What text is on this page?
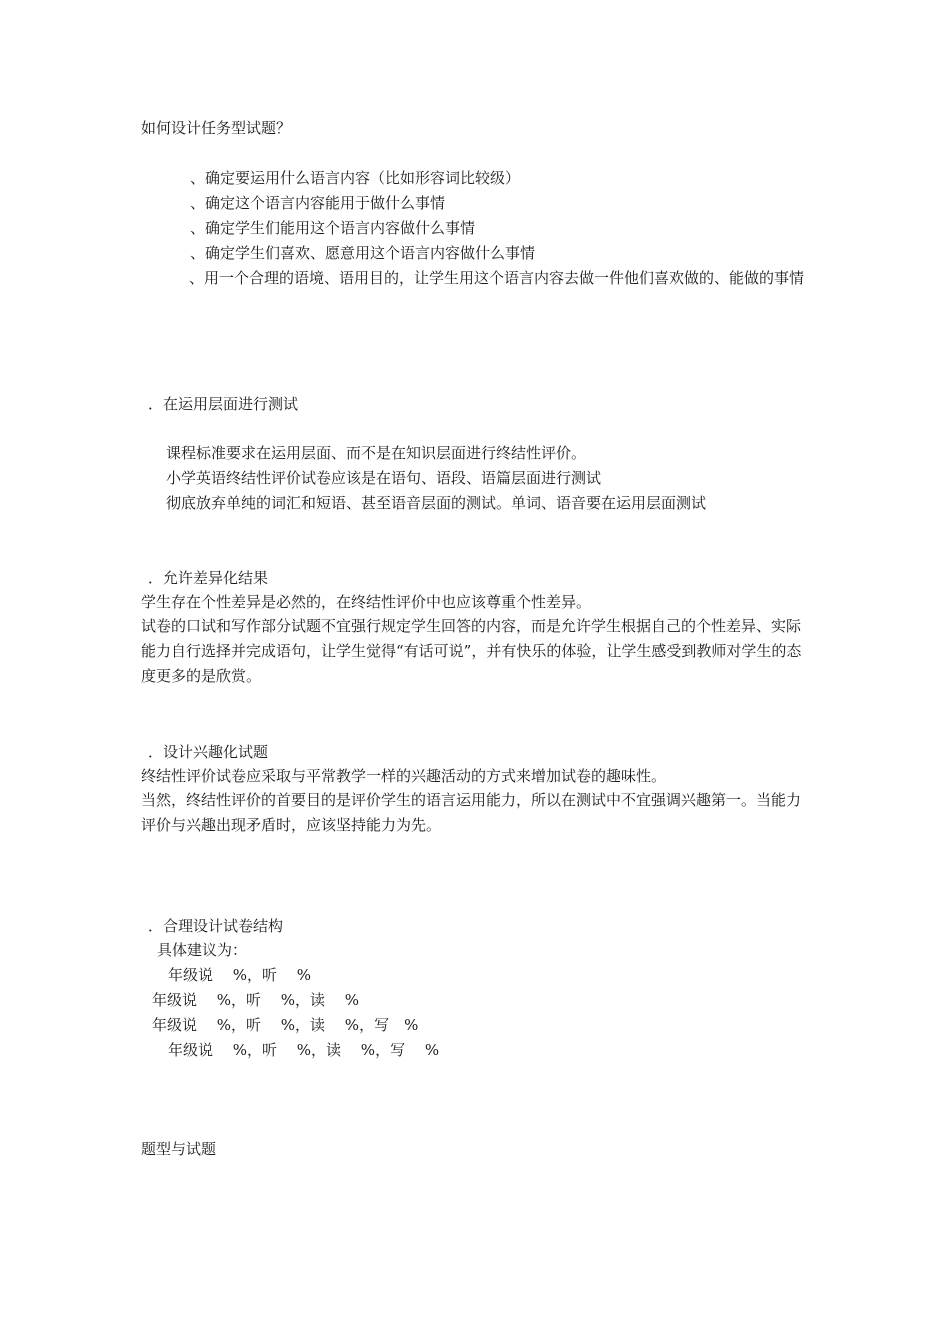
如何设计任务型试题？
、确定要运用什么语言内容（比如形容词比较级）
、确定这个语言内容能用于做什么事情
、确定学生们能用这个语言内容做什么事情
、确定学生们喜欢、愿意用这个语言内容做什么事情
、用一个合理的语境、语用目的，让学生用这个语言内容去做一件他们喜欢做的、能做的事情
．在运用层面进行测试
课程标准要求在运用层面、而不是在知识层面进行终结性评价。
小学英语终结性评价试卷应该是在语句、语段、语篇层面进行测试
彻底放弃单纯的词汇和短语、甚至语音层面的测试。单词、语音要在运用层面测试
．允许差异化结果
学生存在个性差异是必然的，在终结性评价中也应该尊重个性差异。
试卷的口试和写作部分试题不宜强行规定学生回答的内容，而是允许学生根据自己的个性差异、实际能力自行选择并完成语句，让学生觉得“有话可说”，并有快乐的体验，让学生感受到教师对学生的态度更多的是欣赏。
．设计兴趣化试题
终结性评价试卷应采取与平常教学一样的兴趣活动的方式来增加试卷的趣味性。
当然，终结性评价的首要目的是评价学生的语言运用能力，所以在测试中不宜强调兴趣第一。当能力评价与兴趣出现矛盾时，应该坚持能力为先。
．合理设计试卷结构
具体建议为：
年级说　 %，听　 %
年级说　 %，听　 %，读　 %
年级说　 %，听　 %，读　 %，写　%
年级说　 %，听　 %，读　 %，写　 %
题型与试题
